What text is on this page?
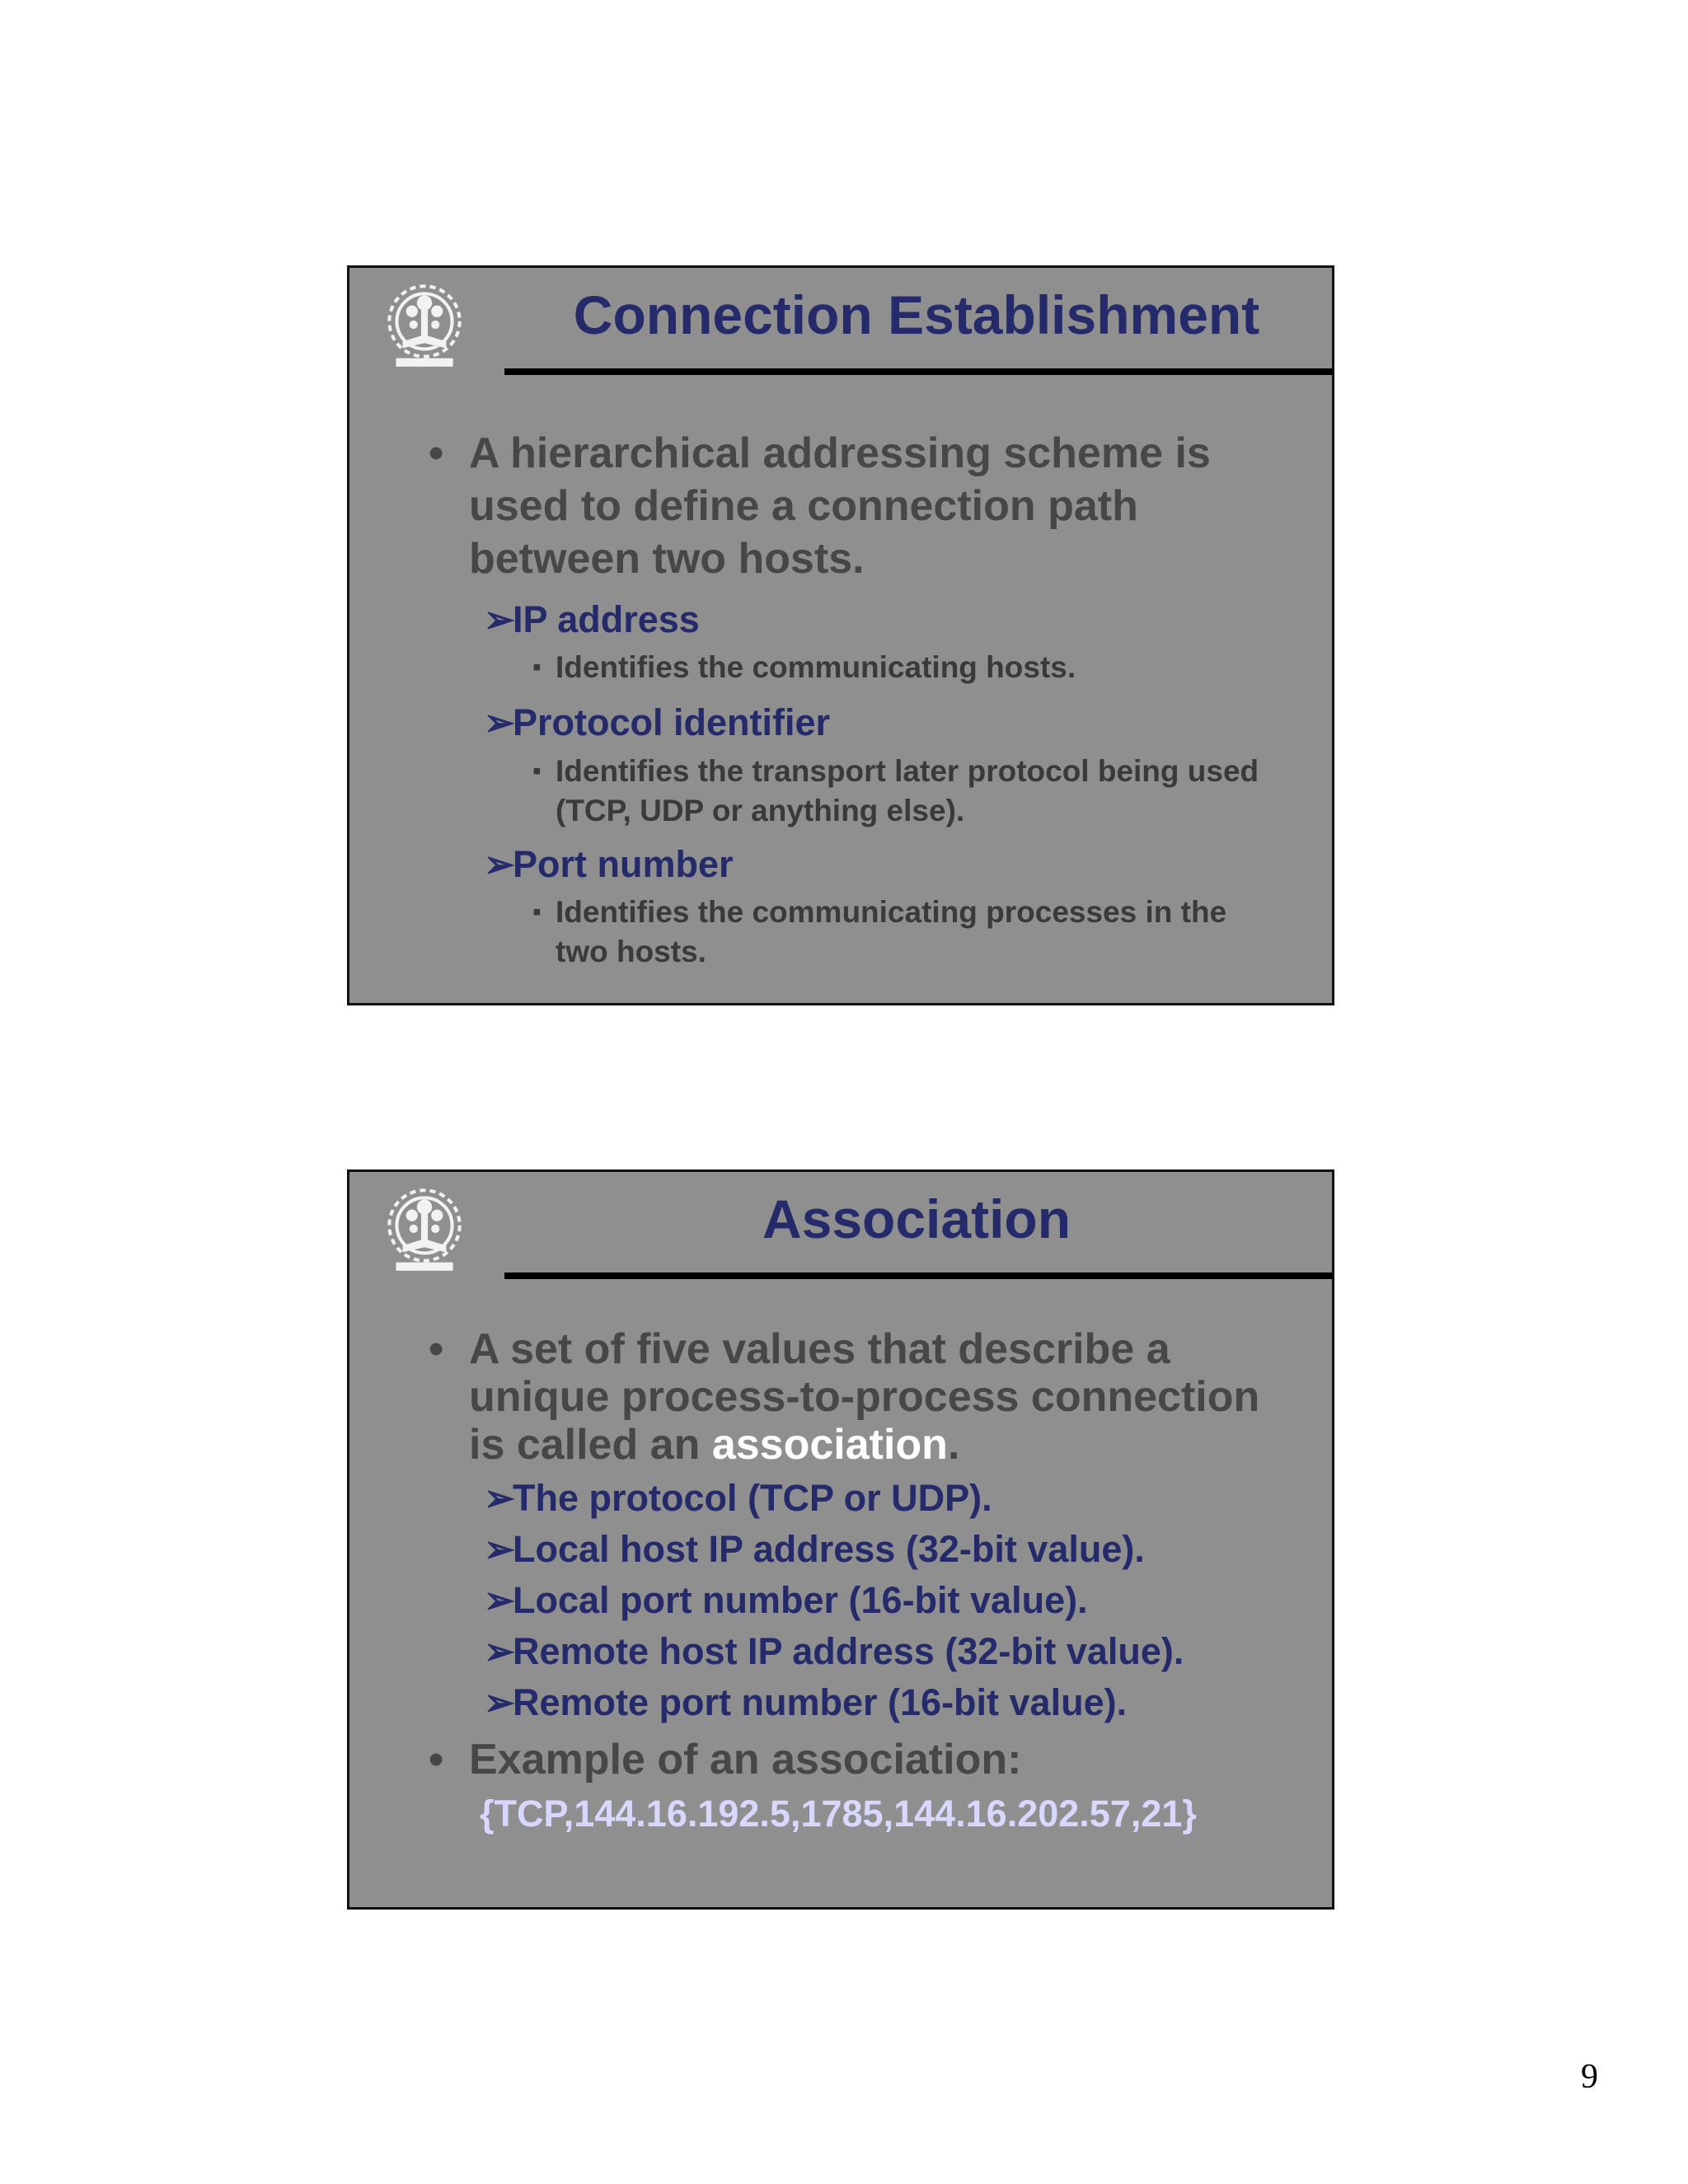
Connection Establishment
• A hierarchical addressing scheme is used to define a connection path between two hosts.
➢IP address
▪ Identifies the communicating hosts.
➢Protocol identifier
▪ Identifies the transport later protocol being used (TCP, UDP or anything else).
➢Port number
▪ Identifies the communicating processes in the two hosts.
Association
• A set of five values that describe a unique process-to-process connection is called an association.
➢The protocol (TCP or UDP).
➢Local host IP address (32-bit value).
➢Local port number (16-bit value).
➢Remote host IP address (32-bit value).
➢Remote port number (16-bit value).
• Example of an association:
{TCP,144.16.192.5,1785,144.16.202.57,21}
9
